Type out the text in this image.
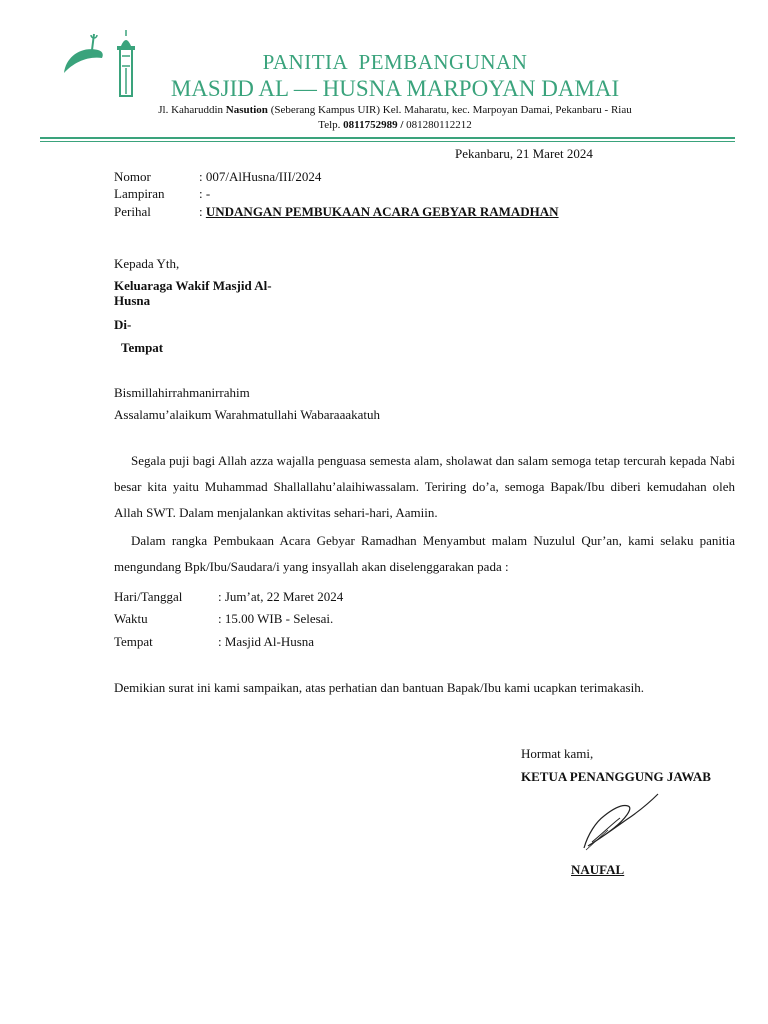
PANITIA  PEMBANGUNAN
MASJID AL — HUSNA MARPOYAN DAMAI
Jl. Kaharuddin Nasution (Seberang Kampus UIR) Kel. Maharatu, kec. Marpoyan Damai, Pekanbaru - Riau
Telp. 0811752989 / 081280112212
Pekanbaru, 21 Maret 2024
Nomor	: 007/AlHusna/III/2024
Lampiran	: -
Perihal	: UNDANGAN PEMBUKAAN ACARA GEBYAR RAMADHAN
Kepada Yth,
Keluaraga Wakif Masjid Al-
Husna
Di-
Tempat
Bismillahirrahmanirrahim
Assalamu’alaikum Warahmatullahi Wabaraaakatuh
Segala puji bagi Allah azza wajalla penguasa semesta alam, sholawat dan salam semoga tetap tercurah kepada Nabi besar kita yaitu Muhammad Shallallahu’alaihiwassalam. Teriring do’a, semoga Bapak/Ibu diberi kemudahan oleh Allah SWT. Dalam menjalankan aktivitas sehari-hari, Aamiin.
Dalam rangka Pembukaan Acara Gebyar Ramadhan Menyambut malam Nuzulul Qur’an, kami selaku panitia mengundang Bpk/Ibu/Saudara/i yang insyallah akan diselenggarakan pada :
Hari/Tanggal	: Jum’at, 22 Maret 2024
Waktu	: 15.00 WIB - Selesai.
Tempat	: Masjid Al-Husna
Demikian surat ini kami sampaikan, atas perhatian dan bantuan Bapak/Ibu kami ucapkan terimakasih.
Hormat kami,
KETUA PENANGGUNG JAWAB
NAUFAL
